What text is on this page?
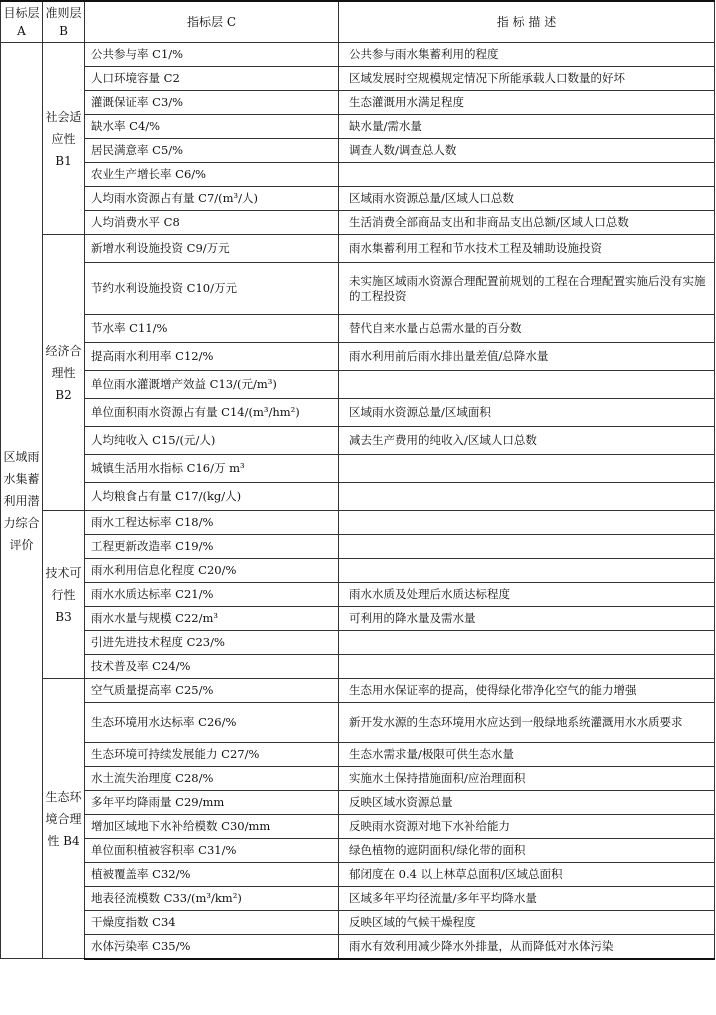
目标层 A	准则层 B	指标层 C	指 标 描 述
区域雨水集蓄利用潜力综合评价	社会适应性 B1	公共参与率 C1/%	公共参与雨水集蓄利用的程度
		人口环境容量 C2	区域发展时空规模规定情况下所能承载人口数量的好坏
		灌溉保证率 C3/%	生态灌溉用水满足程度
		缺水率 C4/%	缺水量/需水量
		居民满意率 C5/%	调查人数/调查总人数
		农业生产增长率 C6/%	
		人均雨水资源占有量 C7/(m³/人)	区域雨水资源总量/区域人口总数
		人均消费水平 C8	生活消费全部商品支出和非商品支出总额/区域人口总数
	经济合理性 B2	新增水利设施投资 C9/万元	雨水集蓄利用工程和节水技术工程及辅助设施投资
		节约水利设施投资 C10/万元	未实施区域雨水资源合理配置前规划的工程在合理配置实施后没有实施的工程投资
		节水率 C11/%	替代自来水量占总需水量的百分数
		提高雨水利用率 C12/%	雨水利用前后雨水排出量差值/总降水量
		单位雨水灌溉增产效益 C13/(元/m³)	
		单位面积雨水资源占有量 C14/(m³/hm²)	区域雨水资源总量/区域面积
		人均纯收入 C15/(元/人)	减去生产费用的纯收入/区域人口总数
		城镇生活用水指标 C16/万 m³	
		人均粮食占有量 C17/(kg/人)	
	技术可行性 B3	雨水工程达标率 C18/%	
		工程更新改造率 C19/%	
		雨水利用信息化程度 C20/%	
		雨水水质达标率 C21/%	雨水水质及处理后水质达标程度
		雨水水量与规模 C22/m³	可利用的降水量及需水量
		引进先进技术程度 C23/%	
		技术普及率 C24/%	
	生态环境合理性 B4	空气质量提高率 C25/%	生态用水保证率的提高，使得绿化带净化空气的能力增强
		生态环境用水达标率 C26/%	新开发水源的生态环境用水应达到一般绿地系统灌溉用水水质要求
		生态环境可持续发展能力 C27/%	生态水需求量/极限可供生态水量
		水土流失治理度 C28/%	实施水土保持措施面积/应治理面积
		多年平均降雨量 C29/mm	反映区域水资源总量
		增加区域地下水补给模数 C30/mm	反映雨水资源对地下水补给能力
		单位面积植被容积率 C31/%	绿色植物的遮阴面积/绿化带的面积
		植被覆盖率 C32/%	郁闭度在 0.4 以上林草总面积/区域总面积
		地表径流模数 C33/(m³/km²)	区域多年平均径流量/多年平均降水量
		干燥度指数 C34	反映区域的气候干燥程度
		水体污染率 C35/%	雨水有效利用减少降水外排量，从而降低对水体污染
